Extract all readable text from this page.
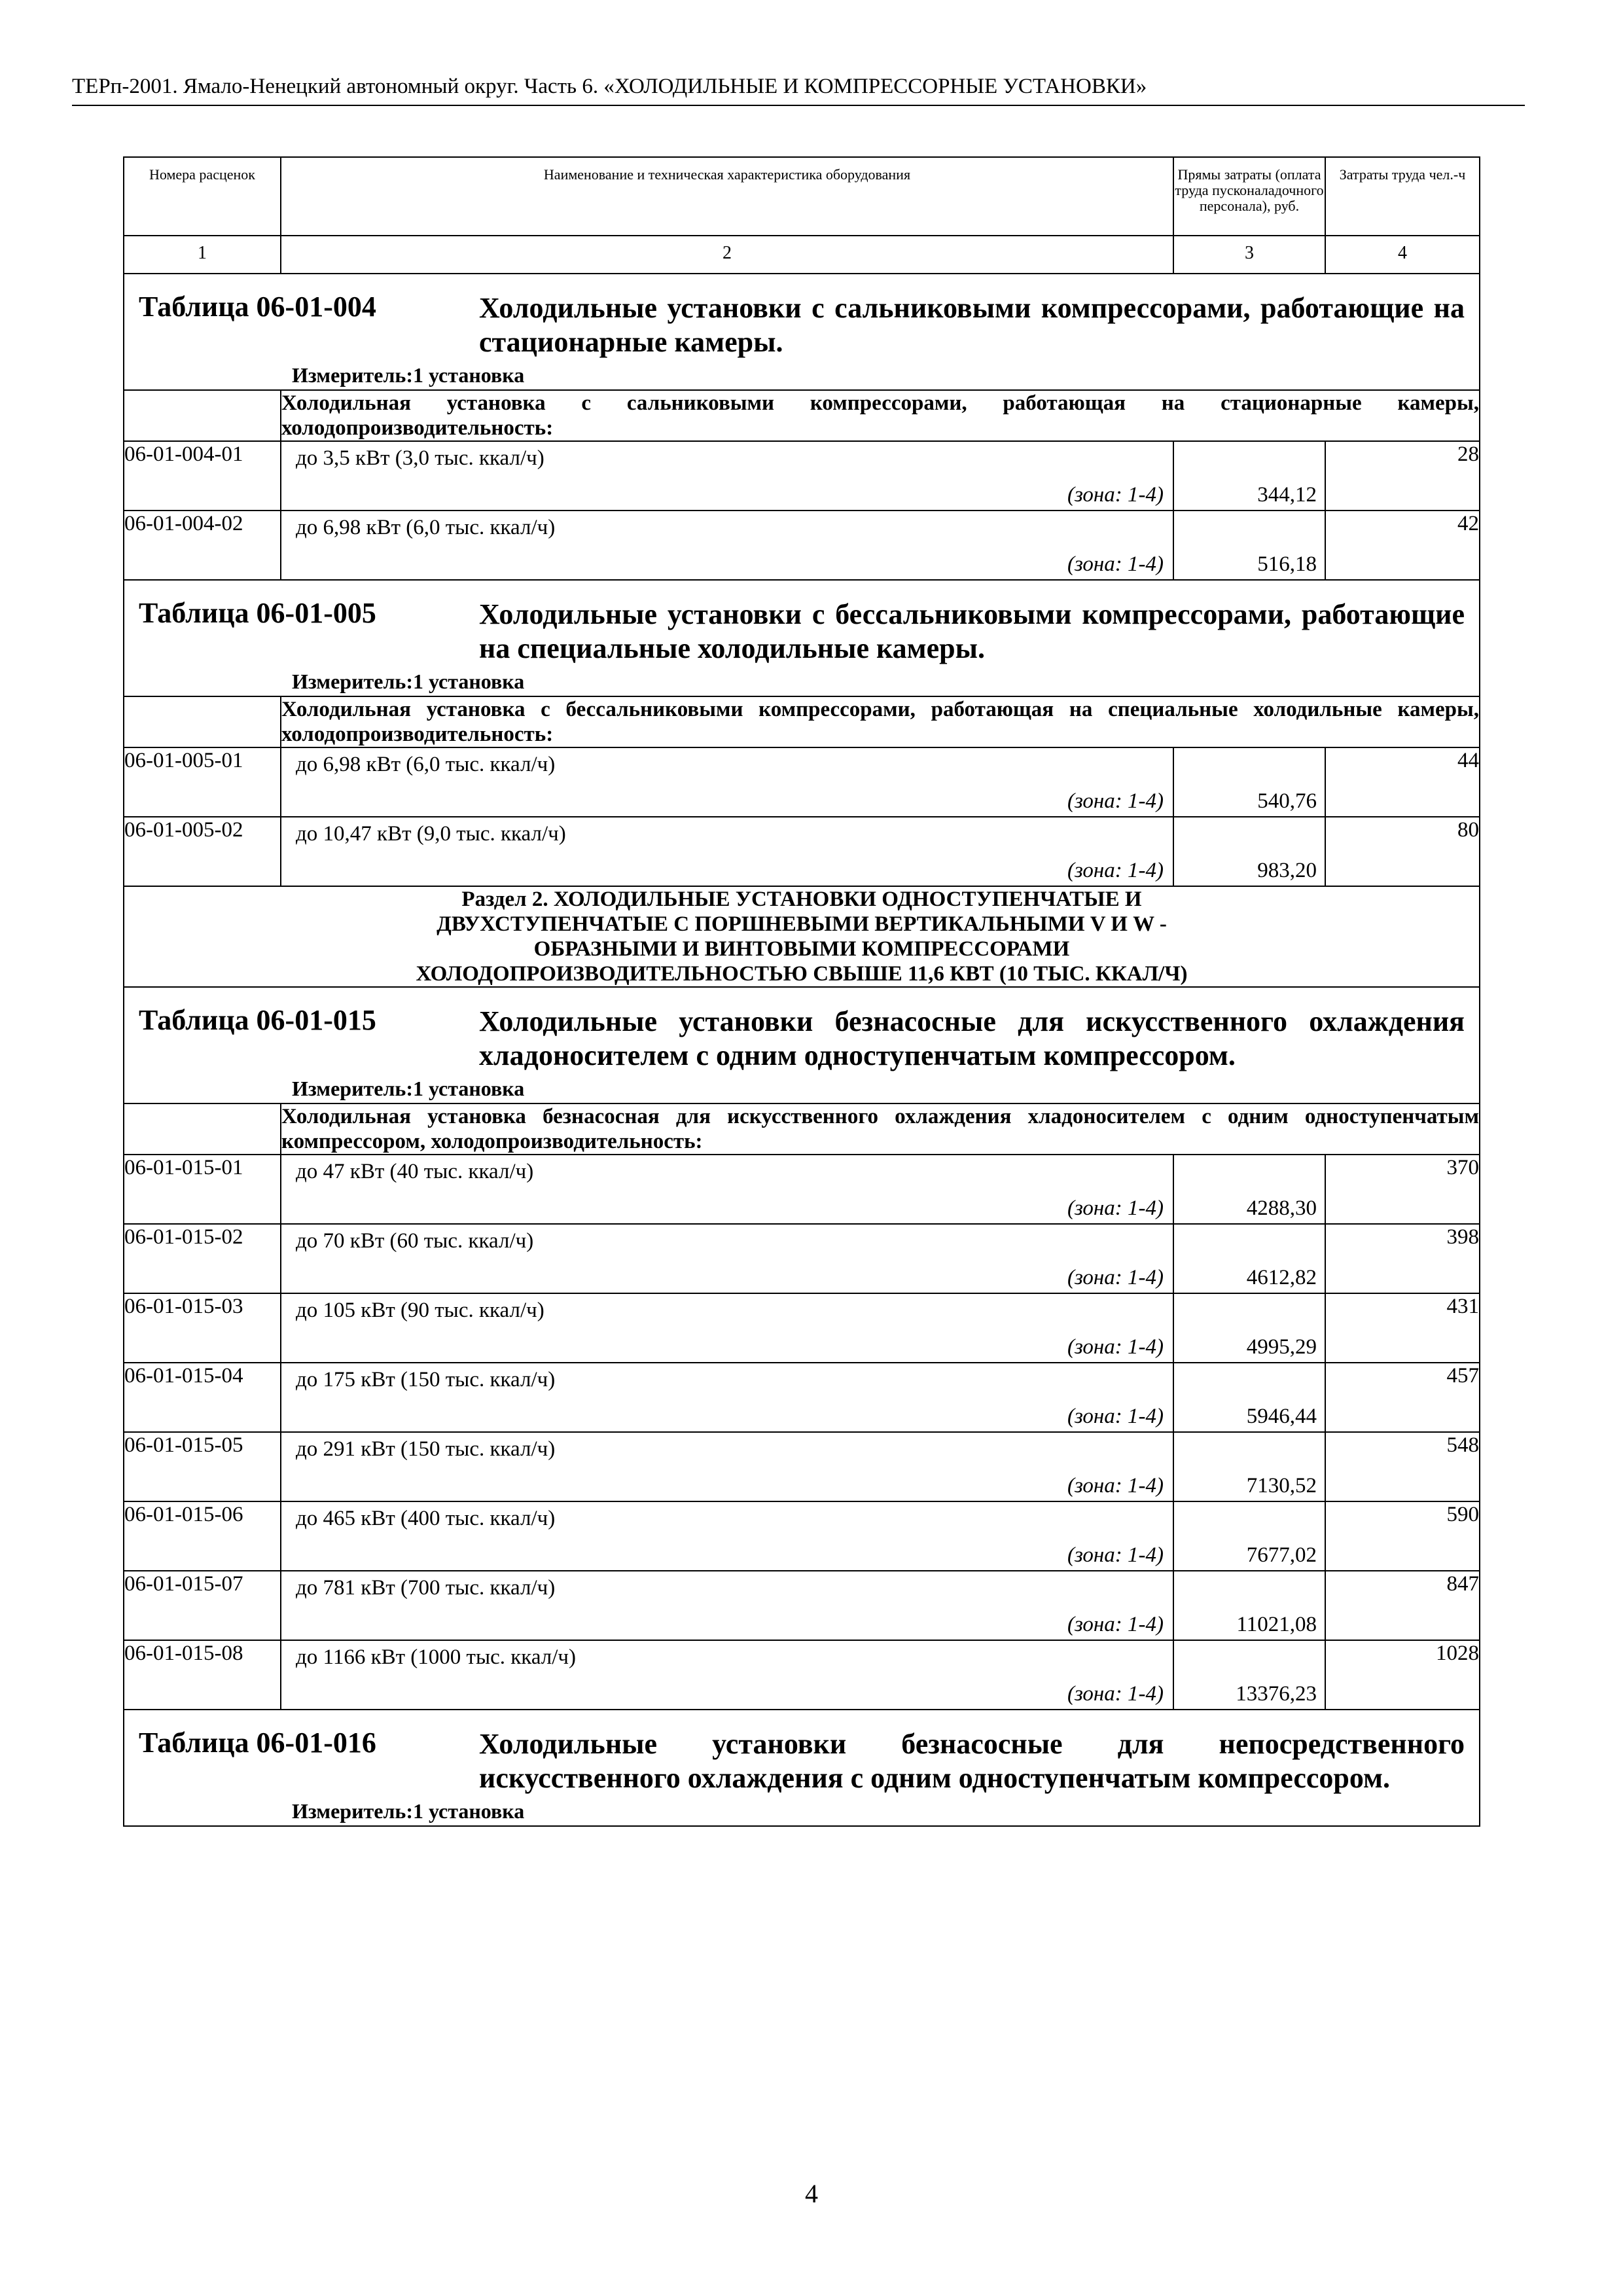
ТЕРп-2001. Ямало-Ненецкий автономный округ. Часть 6. «ХОЛОДИЛЬНЫЕ И КОМПРЕССОРНЫЕ УСТАНОВКИ»
Номера расценок	Наименование и техническая характеристика оборудования	Прямы затраты (оплата труда пусконаладочного персонала), руб.	Затраты труда чел.-ч
1	2	3	4

Таблица 06-01-004 Холодильные установки с сальниковыми компрессорами, работающие на стационарные камеры.
Измеритель:1 установка			

	Холодильная установка с сальниковыми компрессорами, работающая на стационарные камеры, холодопроизводительность:		
06-01-004-01	до 3,5 кВт (3,0 тыс. ккал/ч)
(зона: 1-4)	344,12	28
06-01-004-02	до 6,98 кВт (6,0 тыс. ккал/ч)
(зона: 1-4)	516,18	42

Таблица 06-01-005 Холодильные установки с бессальниковыми компрессорами, работающие на специальные холодильные камеры.
Измеритель:1 установка			

	Холодильная установка с бессальниковыми компрессорами, работающая на специальные холодильные камеры, холодопроизводительность:		
06-01-005-01	до 6,98 кВт (6,0 тыс. ккал/ч)
(зона: 1-4)	540,76	44
06-01-005-02	до 10,47 кВт (9,0 тыс. ккал/ч)
(зона: 1-4)	983,20	80

Раздел 2. ХОЛОДИЛЬНЫЕ УСТАНОВКИ ОДНОСТУПЕНЧАТЫЕ И
ДВУХСТУПЕНЧАТЫЕ С ПОРШНЕВЫМИ ВЕРТИКАЛЬНЫМИ V И W -
ОБРАЗНЫМИ И ВИНТОВЫМИ КОМПРЕССОРАМИ
ХОЛОДОПРОИЗВОДИТЕЛЬНОСТЬЮ СВЫШЕ 11,6 КВТ (10 ТЫС. ККАЛ/Ч)			

Таблица 06-01-015 Холодильные установки безнасосные для искусственного охлаждения хладоносителем с одним одноступенчатым компрессором.
Измеритель:1 установка			

	Холодильная установка безнасосная для искусственного охлаждения хладоносителем с одним одноступенчатым компрессором, холодопроизводительность:		
06-01-015-01	до 47 кВт (40 тыс. ккал/ч)
(зона: 1-4)	4288,30	370
06-01-015-02	до 70 кВт (60 тыс. ккал/ч)
(зона: 1-4)	4612,82	398
06-01-015-03	до 105 кВт (90 тыс. ккал/ч)
(зона: 1-4)	4995,29	431
06-01-015-04	до 175 кВт (150 тыс. ккал/ч)
(зона: 1-4)	5946,44	457
06-01-015-05	до 291 кВт (150 тыс. ккал/ч)
(зона: 1-4)	7130,52	548
06-01-015-06	до 465 кВт (400 тыс. ккал/ч)
(зона: 1-4)	7677,02	590
06-01-015-07	до 781 кВт (700 тыс. ккал/ч)
(зона: 1-4)	11021,08	847
06-01-015-08	до 1166 кВт (1000 тыс. ккал/ч)
(зона: 1-4)	13376,23	1028

Таблица 06-01-016 Холодильные установки безнасосные для непосредственного искусственного охлаждения с одним одноступенчатым компрессором.
Измеритель:1 установка			
4
